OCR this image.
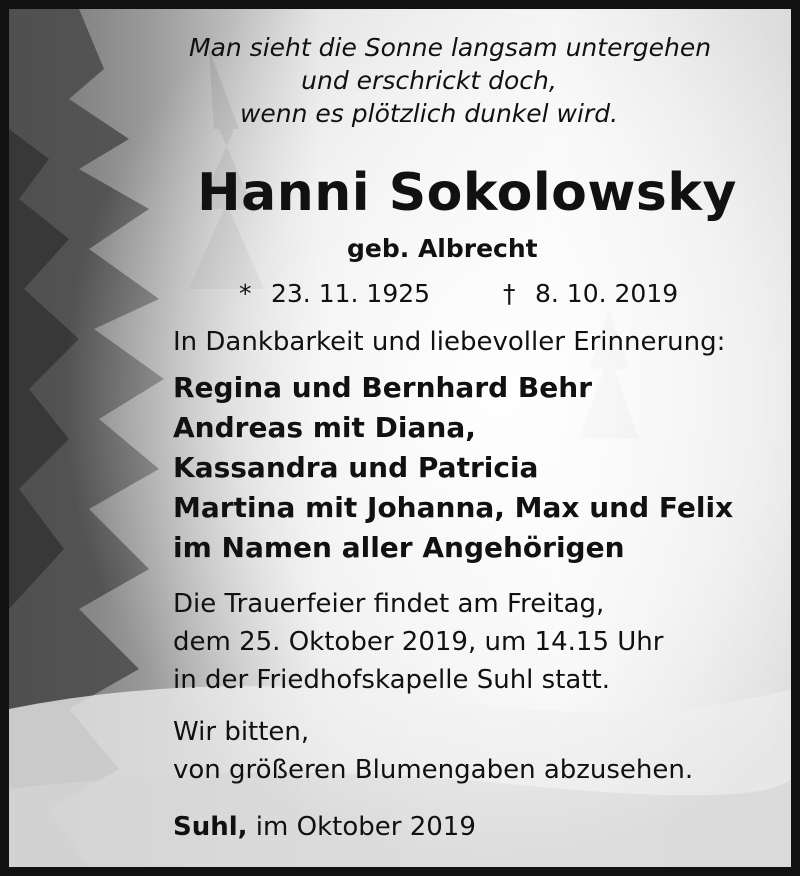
Man sieht die Sonne langsam untergehen
und erschrickt doch,
wenn es plötzlich dunkel wird.
Hanni Sokolowsky
geb. Albrecht
* 23. 11. 1925	† 8. 10. 2019
In Dankbarkeit und liebevoller Erinnerung:
Regina und Bernhard Behr
Andreas mit Diana,
Kassandra und Patricia
Martina mit Johanna, Max und Felix
im Namen aller Angehörigen
Die Trauerfeier findet am Freitag,
dem 25. Oktober 2019, um 14.15 Uhr
in der Friedhofskapelle Suhl statt.
Wir bitten,
von größeren Blumengaben abzusehen.
Suhl, im Oktober 2019
